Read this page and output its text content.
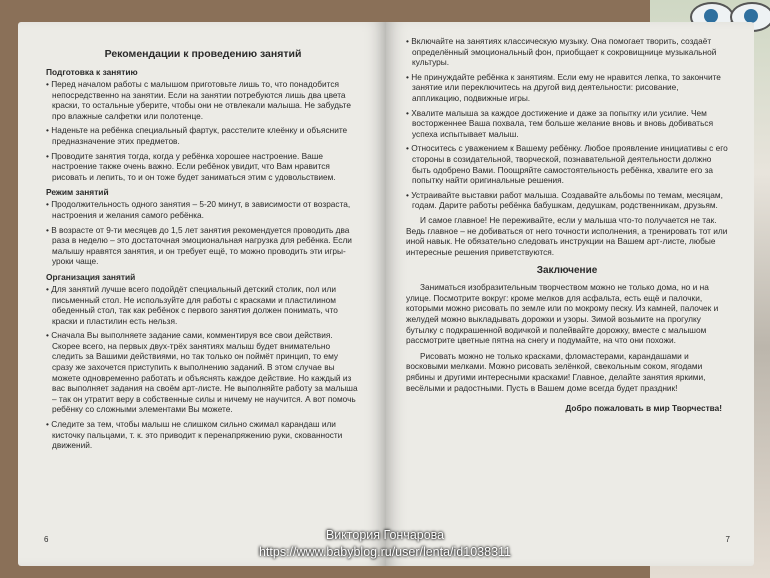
Рекомендации к проведению занятий
Подготовка к занятию
• Перед началом работы с малышом приготовьте лишь то, что понадобится непосредственно на занятии. Если на занятии потребуются лишь два цвета краски, то остальные уберите, чтобы они не отвлекали малыша. Не забудьте про влажные салфетки или полотенце.
• Наденьте на ребёнка специальный фартук, расстелите клеёнку и объясните предназначение этих предметов.
• Проводите занятия тогда, когда у ребёнка хорошее настроение. Ваше настроение также очень важно. Если ребёнок увидит, что Вам нравится рисовать и лепить, то и он тоже будет заниматься этим с удовольствием.
Режим занятий
• Продолжительность одного занятия – 5-20 минут, в зависимости от возраста, настроения и желания самого ребёнка.
• В возрасте от 9-ти месяцев до 1,5 лет занятия рекомендуется проводить два раза в неделю – это достаточная эмоциональная нагрузка для ребёнка. Если малышу нравятся занятия, и он требует ещё, то можно проводить эти игры-уроки чаще.
Организация занятий
• Для занятий лучше всего подойдёт специальный детский столик, пол или письменный стол. Не используйте для работы с красками и пластилином обеденный стол, так как ребёнок с первого занятия должен понимать, что краски и пластилин есть нельзя.
• Сначала Вы выполняете задание сами, комментируя все свои действия. Скорее всего, на первых двух-трёх занятиях малыш будет внимательно следить за Вашими действиями, но так только он поймёт принцип, то ему сразу же захочется приступить к выполнению заданий. В этом случае вы можете одновременно работать и объяснять каждое действие. Но каждый из вас выполняет задания на своём арт-листе. Не выполняйте работу за малыша – так он утратит веру в собственные силы и ничему не научится. А вот помочь ребёнку со сложными элементами Вы можете.
• Следите за тем, чтобы малыш не слишком сильно сжимал карандаш или кисточку пальцами, т. к. это приводит к перенапряжению руки, скованности движений.
6
• Включайте на занятиях классическую музыку. Она помогает творить, создаёт определённый эмоциональный фон, приобщает к сокровищнице музыкальной культуры.
• Не принуждайте ребёнка к занятиям. Если ему не нравится лепка, то закончите занятие или переключитесь на другой вид деятельности: рисование, аппликацию, подвижные игры.
• Хвалите малыша за каждое достижение и даже за попытку или усилие. Чем восторженнее Ваша похвала, тем больше желание вновь и вновь добиваться успеха испытывает малыш.
• Относитесь с уважением к Вашему ребёнку. Любое проявление инициативы с его стороны в созидательной, творческой, познавательной деятельности должно быть одобрено Вами. Поощряйте самостоятельность ребёнка, хвалите его за попытку найти оригинальные решения.
• Устраивайте выставки работ малыша. Создавайте альбомы по темам, месяцам, годам. Дарите работы ребёнка бабушкам, дедушкам, родственникам, друзьям.
И самое главное! Не переживайте, если у малыша что-то получается не так. Ведь главное – не добиваться от него точности исполнения, а тренировать тот или иной навык. Не обязательно следовать инструкции на Вашем арт-листе, любые интересные решения приветствуются.
Заключение
Заниматься изобразительным творчеством можно не только дома, но и на улице. Посмотрите вокруг: кроме мелков для асфальта, есть ещё и палочки, которыми можно рисовать по земле или по мокрому песку. Из камней, палочек и желудей можно выкладывать дорожки и узоры. Зимой возьмите на прогулку бутылку с подкрашенной водичкой и полейвайте дорожку, вместе с малышом рассмотрите цветные пятна на снегу и подумайте, на что они похожи.
Рисовать можно не только красками, фломастерами, карандашами и восковыми мелками. Можно рисовать зелёнкой, свекольным соком, ягодами рябины и другими интересными красками! Главное, делайте занятия яркими, весёлыми и радостными. Пусть в Вашем доме всегда будет праздник!
Добро пожаловать в мир Творчества!
7
Виктория Гончарова
https://www.babyblog.ru/user/lenta/id1038311
